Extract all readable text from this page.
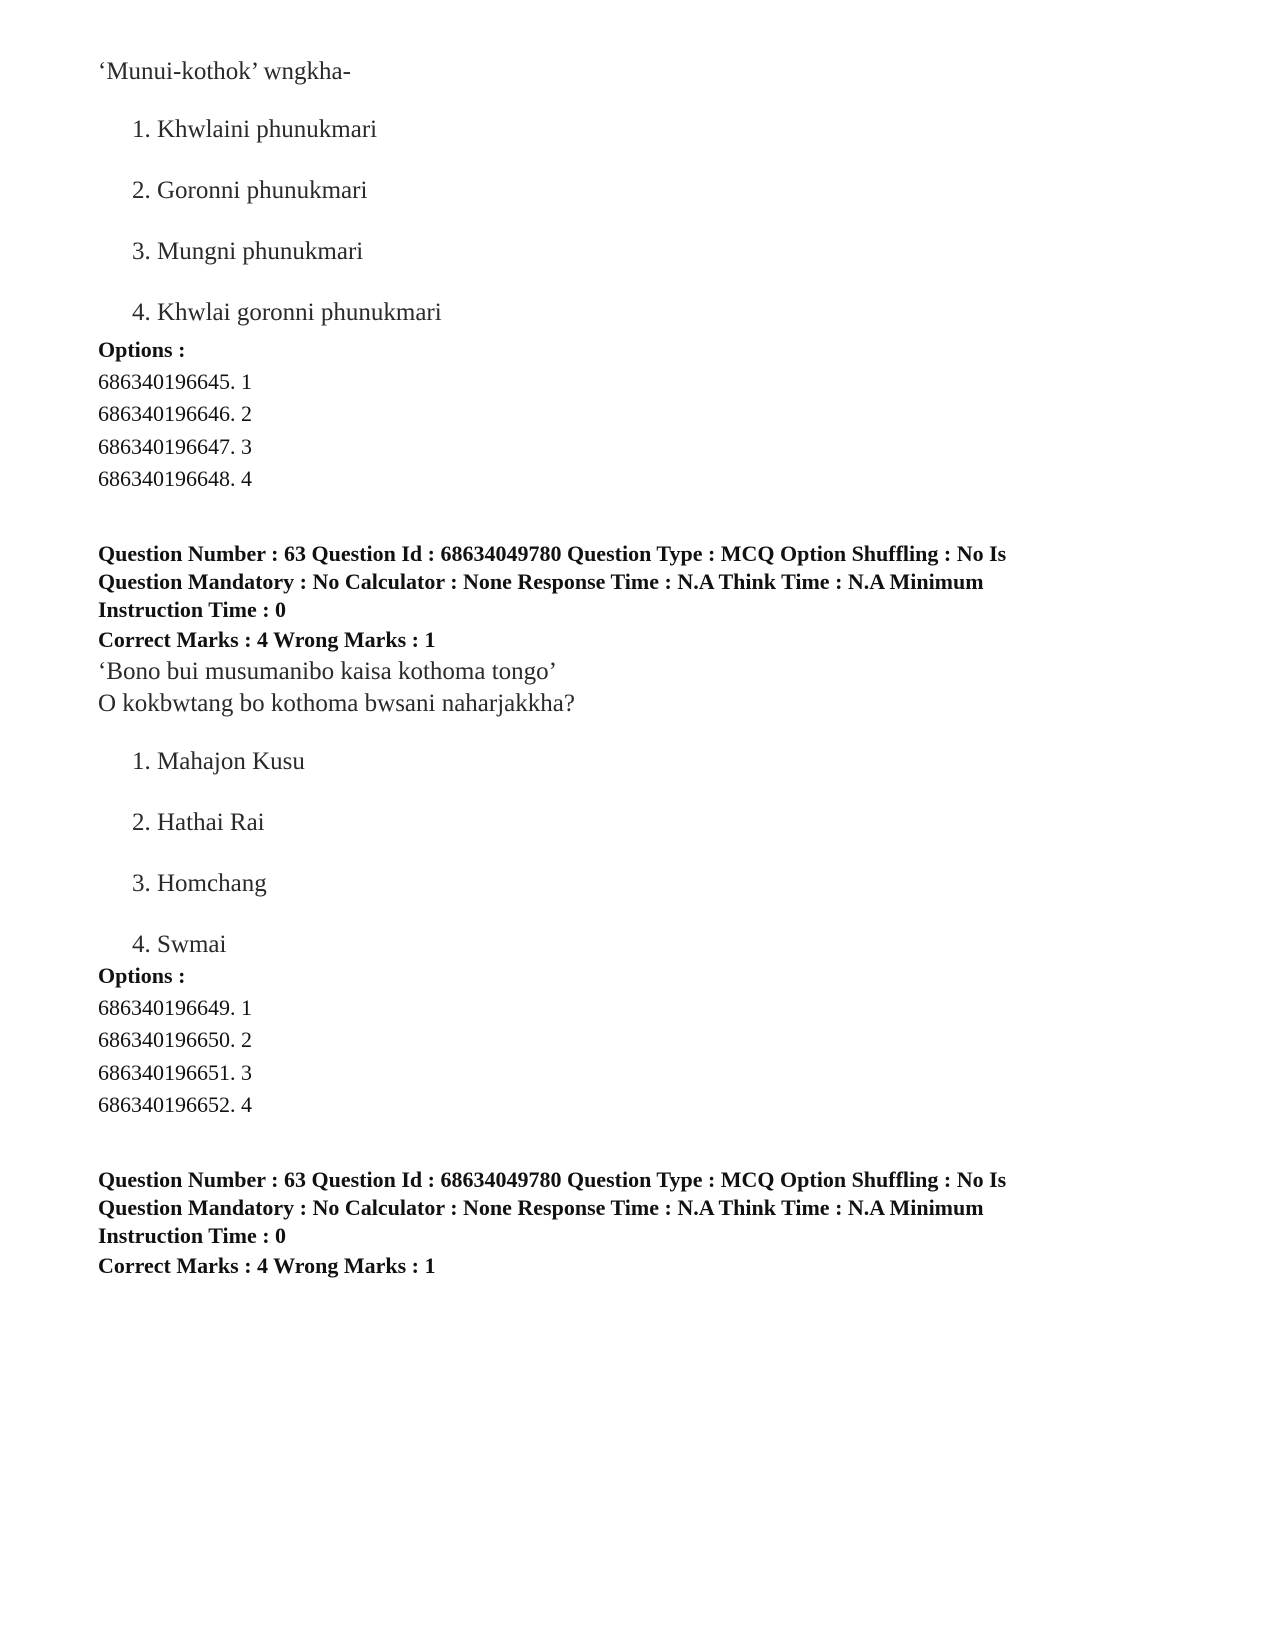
‘Munui-kothok’ wngkha-
1. Khwlaini phunukmari
2. Goronni phunukmari
3. Mungni phunukmari
4. Khwlai goronni phunukmari
Options :
686340196645. 1
686340196646. 2
686340196647. 3
686340196648. 4
Question Number : 63 Question Id : 68634049780 Question Type : MCQ Option Shuffling : No Is
Question Mandatory : No Calculator : None Response Time : N.A Think Time : N.A Minimum
Instruction Time : 0
Correct Marks : 4 Wrong Marks : 1
‘Bono bui musumanibo kaisa kothoma tongo’
O kokbwtang bo kothoma bwsani naharjakkha?
1. Mahajon Kusu
2. Hathai Rai
3. Homchang
4. Swmai
Options :
686340196649. 1
686340196650. 2
686340196651. 3
686340196652. 4
Question Number : 63 Question Id : 68634049780 Question Type : MCQ Option Shuffling : No Is
Question Mandatory : No Calculator : None Response Time : N.A Think Time : N.A Minimum
Instruction Time : 0
Correct Marks : 4 Wrong Marks : 1
